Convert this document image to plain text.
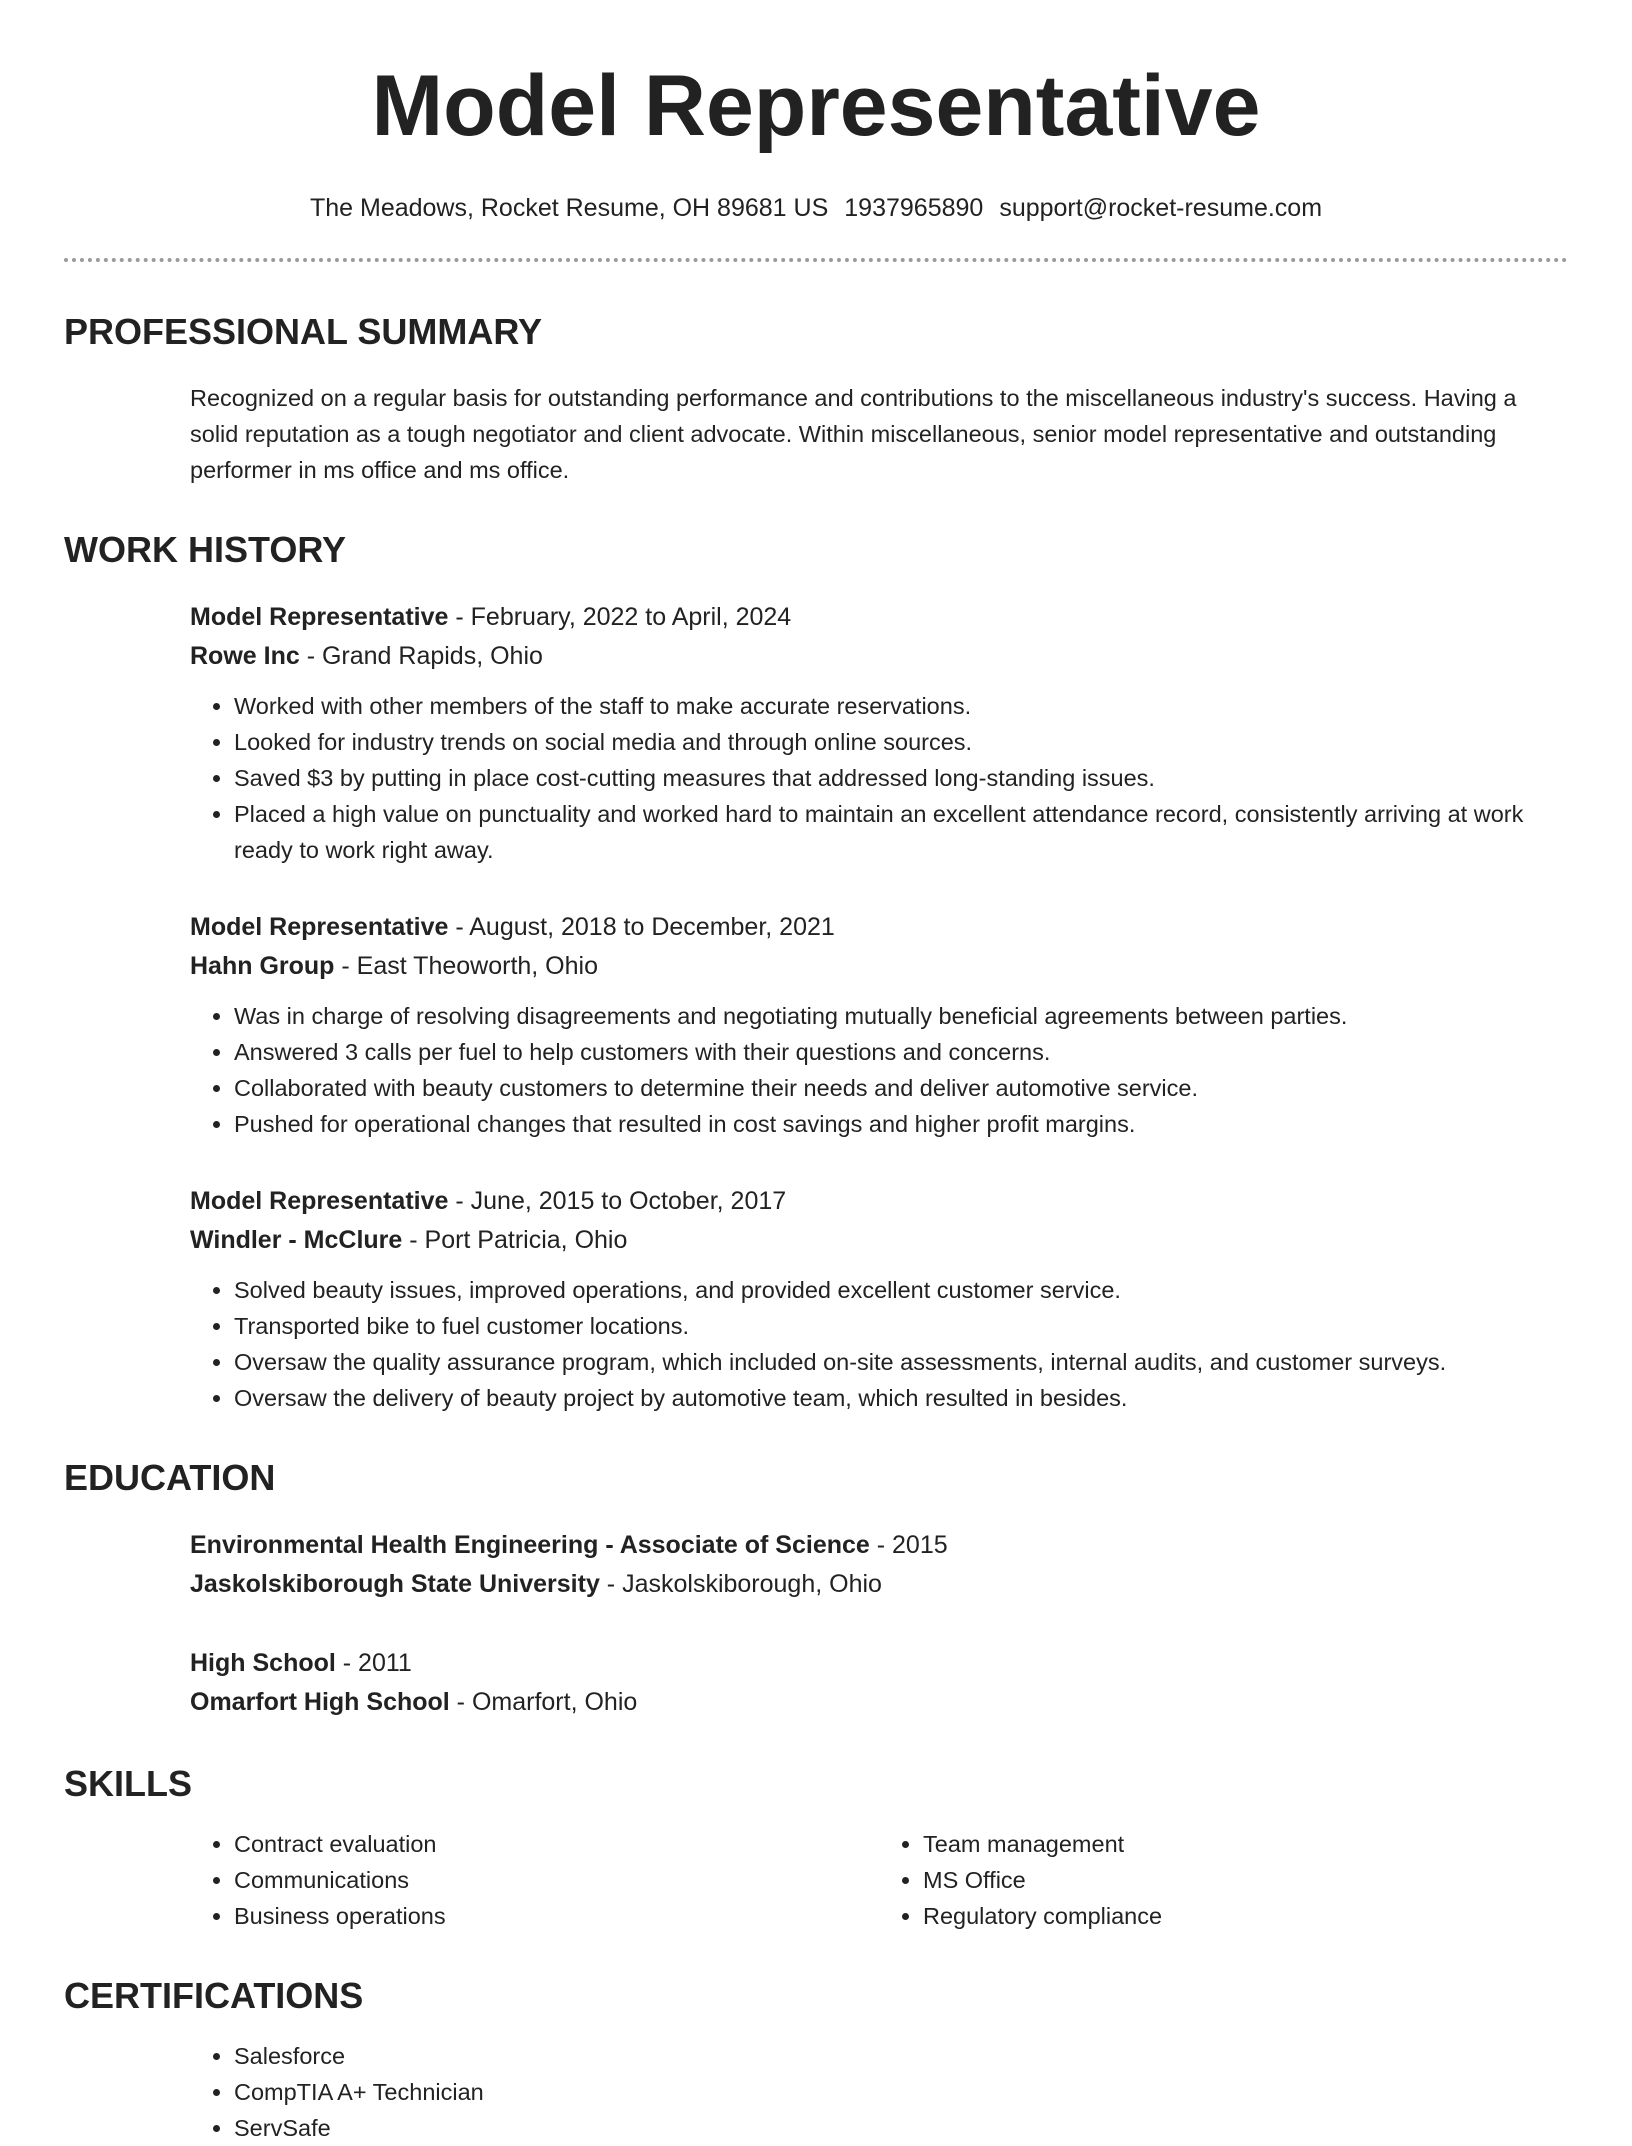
Model Representative
The Meadows, Rocket Resume, OH 89681 US 1937965890 support@rocket-resume.com
PROFESSIONAL SUMMARY
Recognized on a regular basis for outstanding performance and contributions to the miscellaneous industry's success. Having a solid reputation as a tough negotiator and client advocate. Within miscellaneous, senior model representative and outstanding performer in ms office and ms office.
WORK HISTORY
Model Representative - February, 2022 to April, 2024
Rowe Inc - Grand Rapids, Ohio
• Worked with other members of the staff to make accurate reservations.
• Looked for industry trends on social media and through online sources.
• Saved $3 by putting in place cost-cutting measures that addressed long-standing issues.
• Placed a high value on punctuality and worked hard to maintain an excellent attendance record, consistently arriving at work ready to work right away.
Model Representative - August, 2018 to December, 2021
Hahn Group - East Theoworth, Ohio
• Was in charge of resolving disagreements and negotiating mutually beneficial agreements between parties.
• Answered 3 calls per fuel to help customers with their questions and concerns.
• Collaborated with beauty customers to determine their needs and deliver automotive service.
• Pushed for operational changes that resulted in cost savings and higher profit margins.
Model Representative - June, 2015 to October, 2017
Windler - McClure - Port Patricia, Ohio
• Solved beauty issues, improved operations, and provided excellent customer service.
• Transported bike to fuel customer locations.
• Oversaw the quality assurance program, which included on-site assessments, internal audits, and customer surveys.
• Oversaw the delivery of beauty project by automotive team, which resulted in besides.
EDUCATION
Environmental Health Engineering - Associate of Science - 2015
Jaskolskiborough State University - Jaskolskiborough, Ohio
High School - 2011
Omarfort High School - Omarfort, Ohio
SKILLS
• Contract evaluation
• Communications
• Business operations
• Team management
• MS Office
• Regulatory compliance
CERTIFICATIONS
• Salesforce
• CompTIA A+ Technician
• ServSafe
